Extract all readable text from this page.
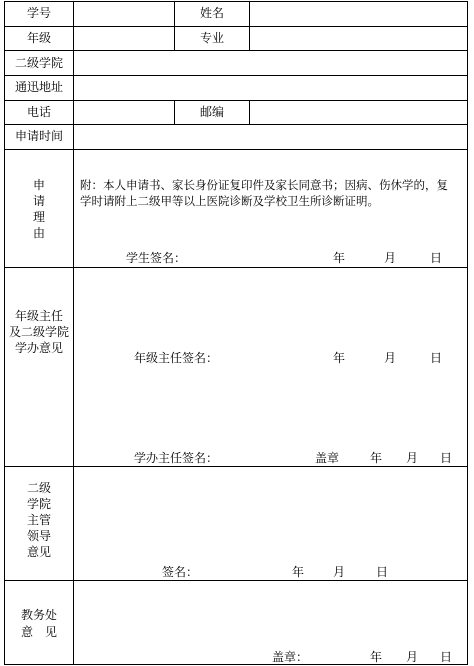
学号	姓名
年级	专业
二级学院
通迅地址
电话	邮编
申请时间
申
请
理
由
附：本人申请书、家长身份证复印件及家长同意书；因病、伤休学的，复
学时请附上二级甲等以上医院诊断及学校卫生所诊断证明。
学生签名：	年	月	日
年级主任
及二级学院
学办意见
年级主任签名：	年	月	日
学办主任签名：	盖章	年 月 日
二级
学院
主管
领导
意见
签名：	年 月	日
教务处
意　见
盖章：	年 月 日
